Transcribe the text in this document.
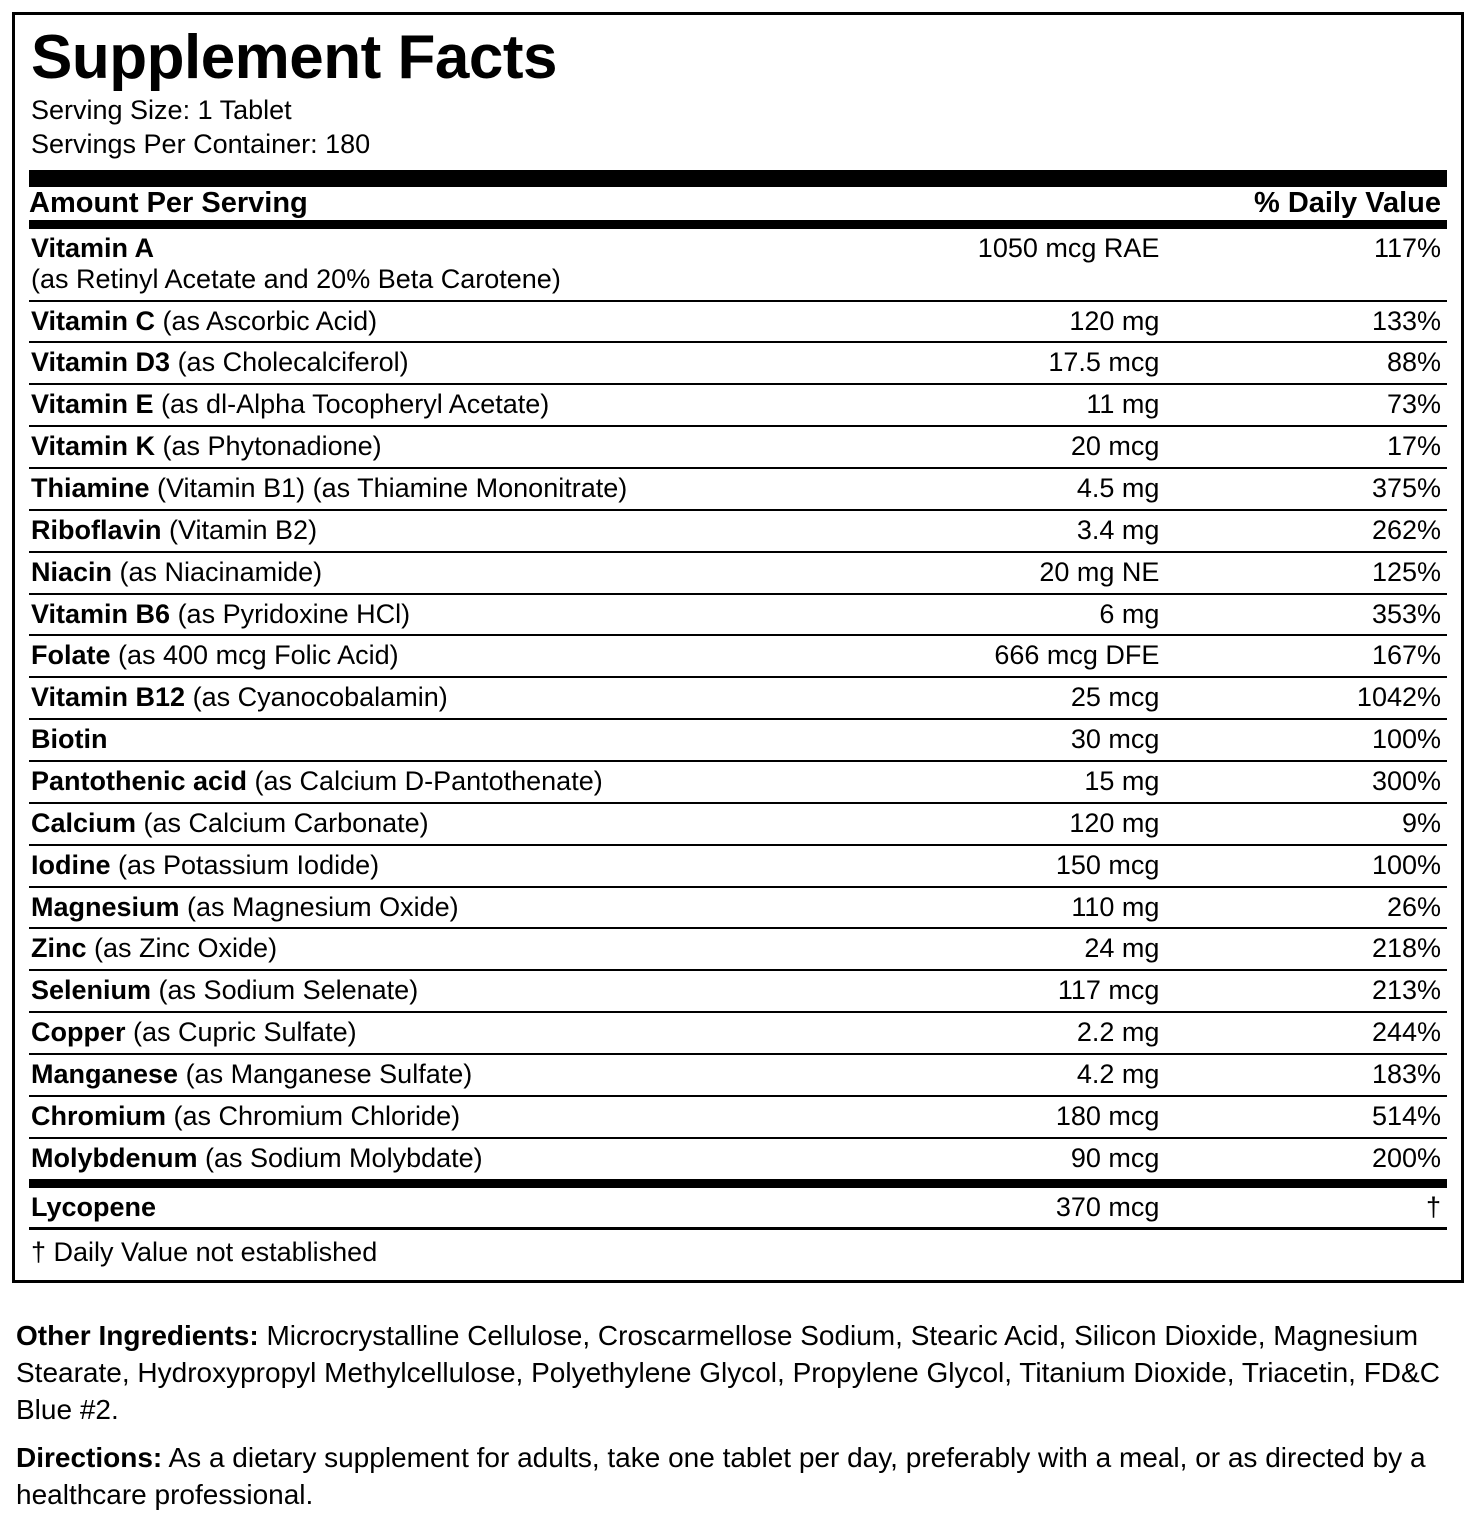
Supplement Facts
Serving Size: 1 Tablet
Servings Per Container: 180
Amount Per Serving	% Daily Value
Vitamin A
(as Retinyl Acetate and 20% Beta Carotene)	1050 mcg RAE	117%
Vitamin C (as Ascorbic Acid)	120 mg	133%
Vitamin D3 (as Cholecalciferol)	17.5 mcg	88%
Vitamin E (as dl-Alpha Tocopheryl Acetate)	11 mg	73%
Vitamin K (as Phytonadione)	20 mcg	17%
Thiamine (Vitamin B1) (as Thiamine Mononitrate)	4.5 mg	375%
Riboflavin (Vitamin B2)	3.4 mg	262%
Niacin (as Niacinamide)	20 mg NE	125%
Vitamin B6 (as Pyridoxine HCl)	6 mg	353%
Folate (as 400 mcg Folic Acid)	666 mcg DFE	167%
Vitamin B12 (as Cyanocobalamin)	25 mcg	1042%
Biotin	30 mcg	100%
Pantothenic acid (as Calcium D-Pantothenate)	15 mg	300%
Calcium (as Calcium Carbonate)	120 mg	9%
Iodine (as Potassium Iodide)	150 mcg	100%
Magnesium (as Magnesium Oxide)	110 mg	26%
Zinc (as Zinc Oxide)	24 mg	218%
Selenium (as Sodium Selenate)	117 mcg	213%
Copper (as Cupric Sulfate)	2.2 mg	244%
Manganese (as Manganese Sulfate)	4.2 mg	183%
Chromium (as Chromium Chloride)	180 mcg	514%
Molybdenum (as Sodium Molybdate)	90 mcg	200%
Lycopene	370 mcg	†
† Daily Value not established
Other Ingredients: Microcrystalline Cellulose, Croscarmellose Sodium, Stearic Acid, Silicon Dioxide, Magnesium Stearate, Hydroxypropyl Methylcellulose, Polyethylene Glycol, Propylene Glycol, Titanium Dioxide, Triacetin, FD&C Blue #2.
Directions: As a dietary supplement for adults, take one tablet per day, preferably with a meal, or as directed by a healthcare professional.
